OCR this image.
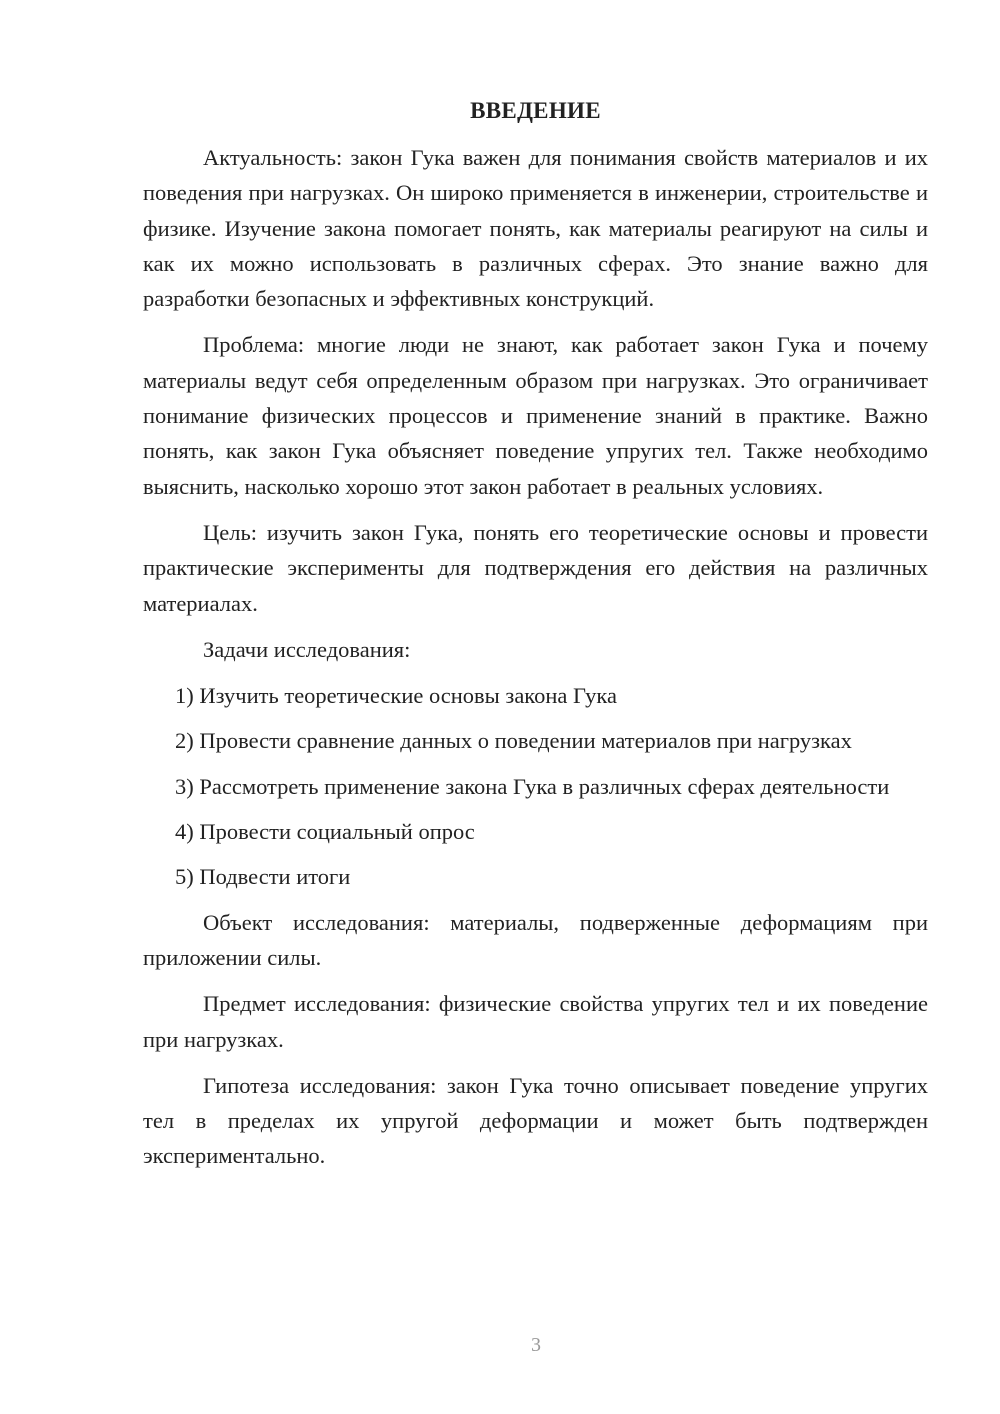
ВВЕДЕНИЕ

Актуальность: закон Гука важен для понимания свойств материалов и их поведения при нагрузках. Он широко применяется в инженерии, строительстве и физике. Изучение закона помогает понять, как материалы реагируют на силы и как их можно использовать в различных сферах. Это знание важно для разработки безопасных и эффективных конструкций.

Проблема: многие люди не знают, как работает закон Гука и почему материалы ведут себя определенным образом при нагрузках. Это ограничивает понимание физических процессов и применение знаний в практике. Важно понять, как закон Гука объясняет поведение упругих тел. Также необходимо выяснить, насколько хорошо этот закон работает в реальных условиях.

Цель: изучить закон Гука, понять его теоретические основы и провести практические эксперименты для подтверждения его действия на различных материалах.

Задачи исследования:

1) Изучить теоретические основы закона Гука

2) Провести сравнение данных о поведении материалов при нагрузках

3) Рассмотреть применение закона Гука в различных сферах деятельности

4) Провести социальный опрос

5) Подвести итоги

Объект исследования: материалы, подверженные деформациям при приложении силы.

Предмет исследования: физические свойства упругих тел и их поведение при нагрузках.

Гипотеза исследования: закон Гука точно описывает поведение упругих тел в пределах их упругой деформации и может быть подтвержден экспериментально.

3
